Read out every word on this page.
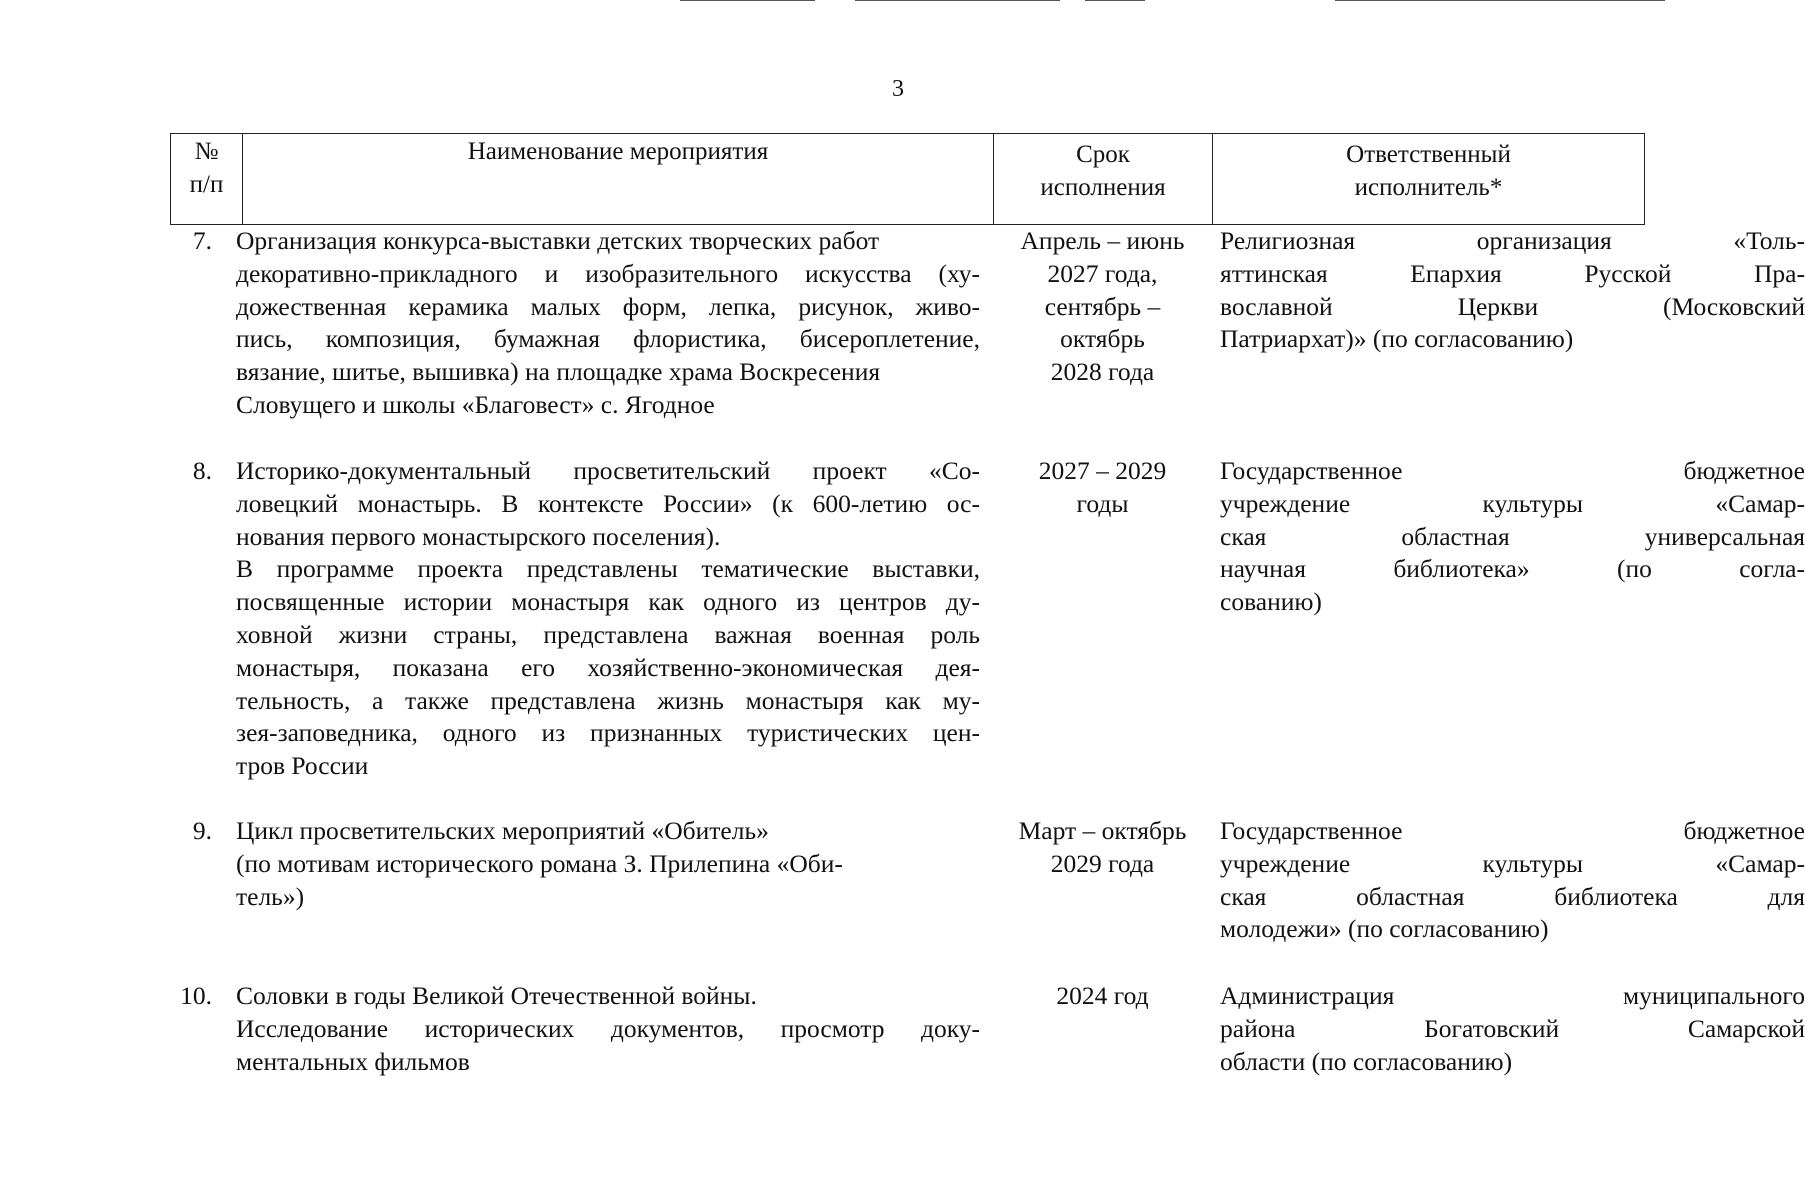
3
№
п/п
Наименование мероприятия	Срок
исполнения
Ответственный
исполнитель*
7. Организация конкурса-выставки детских творческих работ
декоративно-прикладного и изобразительного искусства (ху-
дожественная керамика малых форм, лепка, рисунок, живо-
пись, композиция, бумажная флористика, бисероплетение,
вязание, шитье, вышивка) на площадке храма Воскресения
Словущего и школы «Благовест» с. Ягодное
Апрель – июнь
2027 года,
сентябрь –
октябрь
2028 года
Религиозная организация «Толь-
яттинская Епархия Русской Пра-
вославной Церкви (Московский
Патриархат)» (по согласованию)
8. Историко-документальный просветительский проект «Со-
ловецкий монастырь. В контексте России» (к 600-летию ос-
нования первого монастырского поселения).
В программе проекта представлены тематические выставки,
посвященные истории монастыря как одного из центров ду-
ховной жизни страны, представлена важная военная роль
монастыря, показана его хозяйственно-экономическая дея-
тельность, а также представлена жизнь монастыря как му-
зея-заповедника, одного из признанных туристических цен-
тров России
2027 – 2029
годы
Государственное бюджетное
учреждение культуры «Самар-
ская областная универсальная
научная библиотека» (по согла-
сованию)
9. Цикл просветительских мероприятий «Обитель»
(по мотивам исторического романа З. Прилепина «Оби-
тель»)
Март – октябрь
2029 года
Государственное бюджетное
учреждение культуры «Самар-
ская областная библиотека для
молодежи» (по согласованию)
10. Соловки в годы Великой Отечественной войны.
Исследование исторических документов, просмотр доку-
ментальных фильмов
2024 год	Администрация муниципального
района Богатовский Самарской
области (по согласованию)
